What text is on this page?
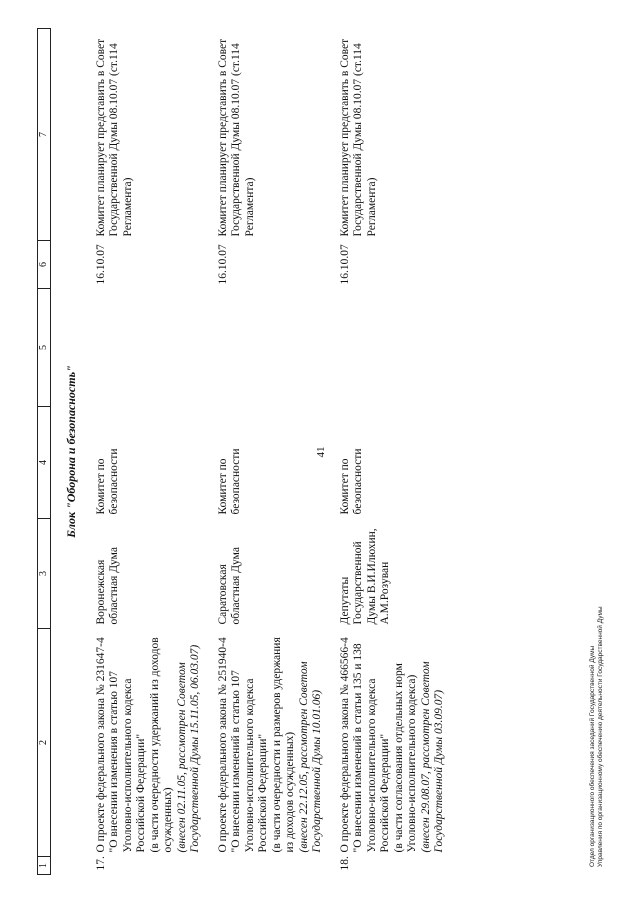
41
1	2	3	4	5	6	7
Блок "Оборона и безопасность"						
17.	О проекте федерального закона № 231647-4 "О внесении изменения в статью 107 Уголовно-исполнительного кодекса Российской Федерации" (в части очередности удержаний из доходов осужденных) (внесен 02.11.05, рассмотрен Советом Государственной Думы 15.11.05, 06.03.07)	Воронежская областная Дума	Комитет по безопасности		16.10.07	Комитет планирует представить в Совет Государственной Думы 08.10.07 (ст.114 Регламента)

	О проекте федерального закона № 251940-4 "О внесении изменений в статью 107 Уголовно-исполнительного кодекса Российской Федерации" (в части очередности и размеров удержания из доходов осужденных) (внесен 22.12.05, рассмотрен Советом Государственной Думы 10.01.06)	Саратовская областная Дума	Комитет по безопасности		16.10.07	Комитет планирует представить в Совет Государственной Думы 08.10.07 (ст.114 Регламента)
18.	О проекте федерального закона № 466566-4 "О внесении изменений в статьи 135 и 138 Уголовно-исполнительного кодекса Российской Федерации" (в части согласования отдельных норм Уголовно-исполнительного кодекса) (внесен 29.08.07, рассмотрен Советом Государственной Думы 03.09.07)	Депутаты Государственной Думы В.И.Илюхин, А.М.Розуван	Комитет по безопасности		16.10.07	Комитет планирует представить в Совет Государственной Думы 08.10.07 (ст.114 Регламента)
Отдел организационного обеспечения заседаний Государственной Думы Управления по организационному обеспечению деятельности Государственной Думы
